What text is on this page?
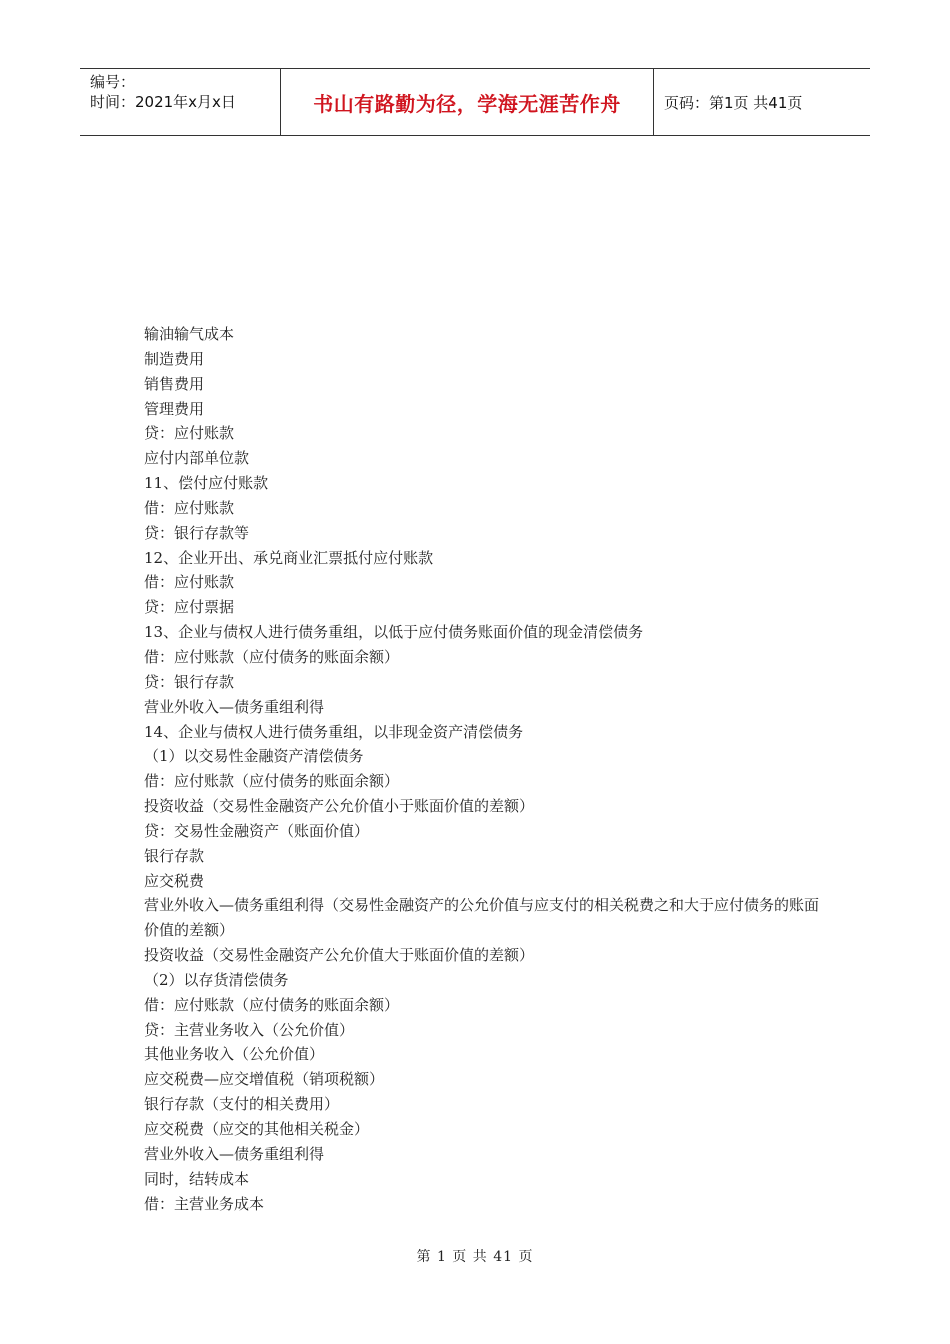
编号：
时间：2021年x月x日	书山有路勤为径，学海无涯苦作舟	页码：第1页 共41页

输油输气成本

制造费用

销售费用

管理费用

贷：应付账款

应付内部单位款

11、偿付应付账款

借：应付账款

贷：银行存款等

12、企业开出、承兑商业汇票抵付应付账款

借：应付账款

贷：应付票据

13、企业与债权人进行债务重组，以低于应付债务账面价值的现金清偿债务

借：应付账款（应付债务的账面余额）

贷：银行存款

营业外收入—债务重组利得

14、企业与债权人进行债务重组，以非现金资产清偿债务

（1）以交易性金融资产清偿债务

借：应付账款（应付债务的账面余额）

投资收益（交易性金融资产公允价值小于账面价值的差额）

贷：交易性金融资产（账面价值）

银行存款

应交税费

营业外收入—债务重组利得（交易性金融资产的公允价值与应支付的相关税费之和大于应付债务的账面价值的差额）

投资收益（交易性金融资产公允价值大于账面价值的差额）

（2）以存货清偿债务

借：应付账款（应付债务的账面余额）

贷：主营业务收入（公允价值）

其他业务收入（公允价值）

应交税费—应交增值税（销项税额）

银行存款（支付的相关费用）

应交税费（应交的其他相关税金）

营业外收入—债务重组利得

同时，结转成本

借：主营业务成本

第 1 页 共 41 页
